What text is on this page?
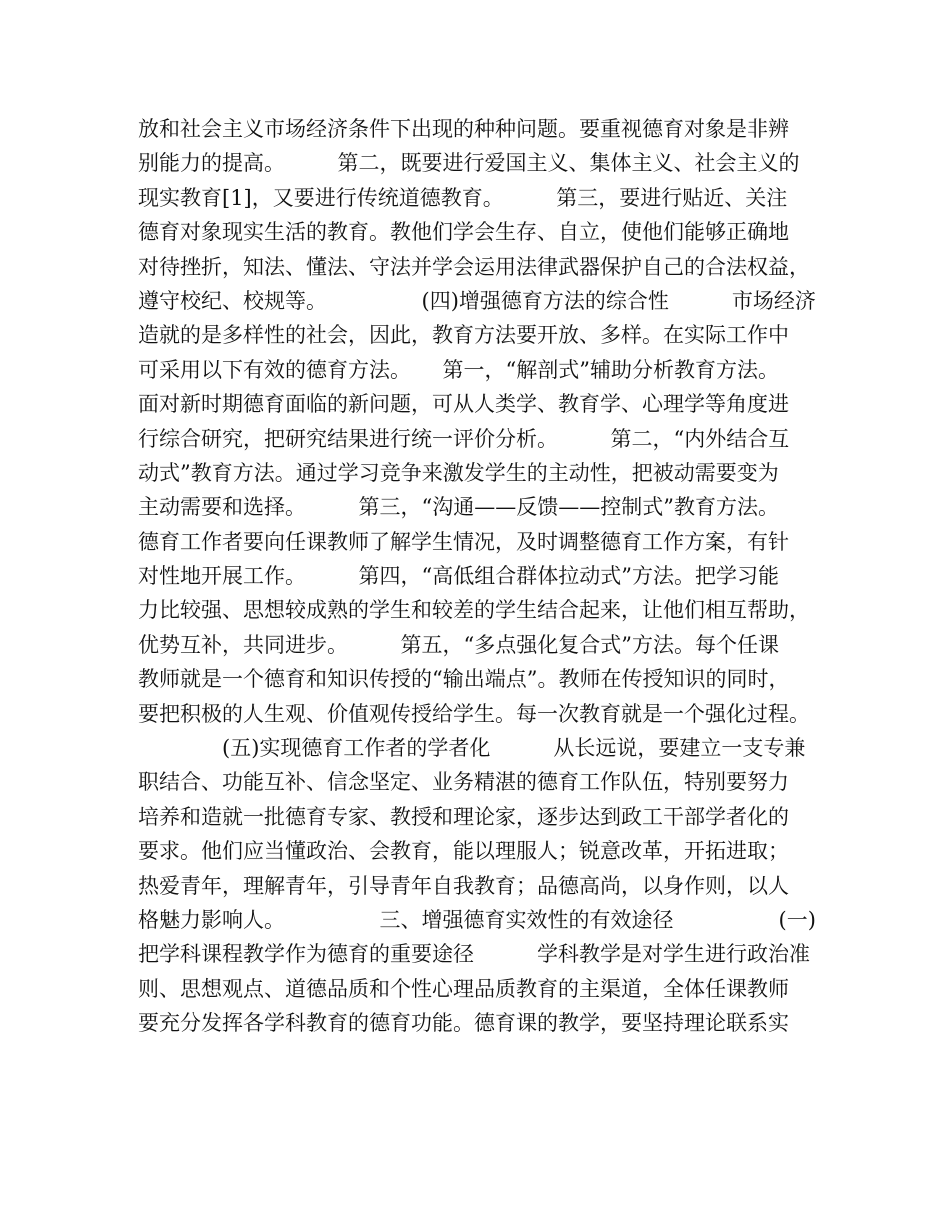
放和社会主义市场经济条件下出现的种种问题。要重视德育对象是非辨
别能力的提高。　　　第二，既要进行爱国主义、集体主义、社会主义的
现实教育[1]，又要进行传统道德教育。　　　第三，要进行贴近、关注
德育对象现实生活的教育。教他们学会生存、自立，使他们能够正确地
对待挫折，知法、懂法、守法并学会运用法律武器保护自己的合法权益，
遵守校纪、校规等。　　　　　(四)增强德育方法的综合性　　　市场经济
造就的是多样性的社会，因此，教育方法要开放、多样。在实际工作中
可采用以下有效的德育方法。　　第一，“解剖式”辅助分析教育方法。
面对新时期德育面临的新问题，可从人类学、教育学、心理学等角度进
行综合研究，把研究结果进行统一评价分析。　　　第二，“内外结合互
动式”教育方法。通过学习竞争来激发学生的主动性，把被动需要变为
主动需要和选择。　　　第三，“沟通——反馈——控制式”教育方法。
德育工作者要向任课教师了解学生情况，及时调整德育工作方案，有针
对性地开展工作。　　　第四，“高低组合群体拉动式”方法。把学习能
力比较强、思想较成熟的学生和较差的学生结合起来，让他们相互帮助，
优势互补，共同进步。　　　第五，“多点强化复合式”方法。每个任课
教师就是一个德育和知识传授的“输出端点”。教师在传授知识的同时，
要把积极的人生观、价值观传授给学生。每一次教育就是一个强化过程。
　　　　(五)实现德育工作者的学者化　　　从长远说，要建立一支专兼
职结合、功能互补、信念坚定、业务精湛的德育工作队伍，特别要努力
培养和造就一批德育专家、教授和理论家，逐步达到政工干部学者化的
要求。他们应当懂政治、会教育，能以理服人；锐意改革，开拓进取；
热爱青年，理解青年，引导青年自我教育；品德高尚，以身作则，以人
格魅力影响人。　　　　　三、增强德育实效性的有效途径　　　　　(一)
把学科课程教学作为德育的重要途径　　　学科教学是对学生进行政治准
则、思想观点、道德品质和个性心理品质教育的主渠道，全体任课教师
要充分发挥各学科教育的德育功能。德育课的教学，要坚持理论联系实
